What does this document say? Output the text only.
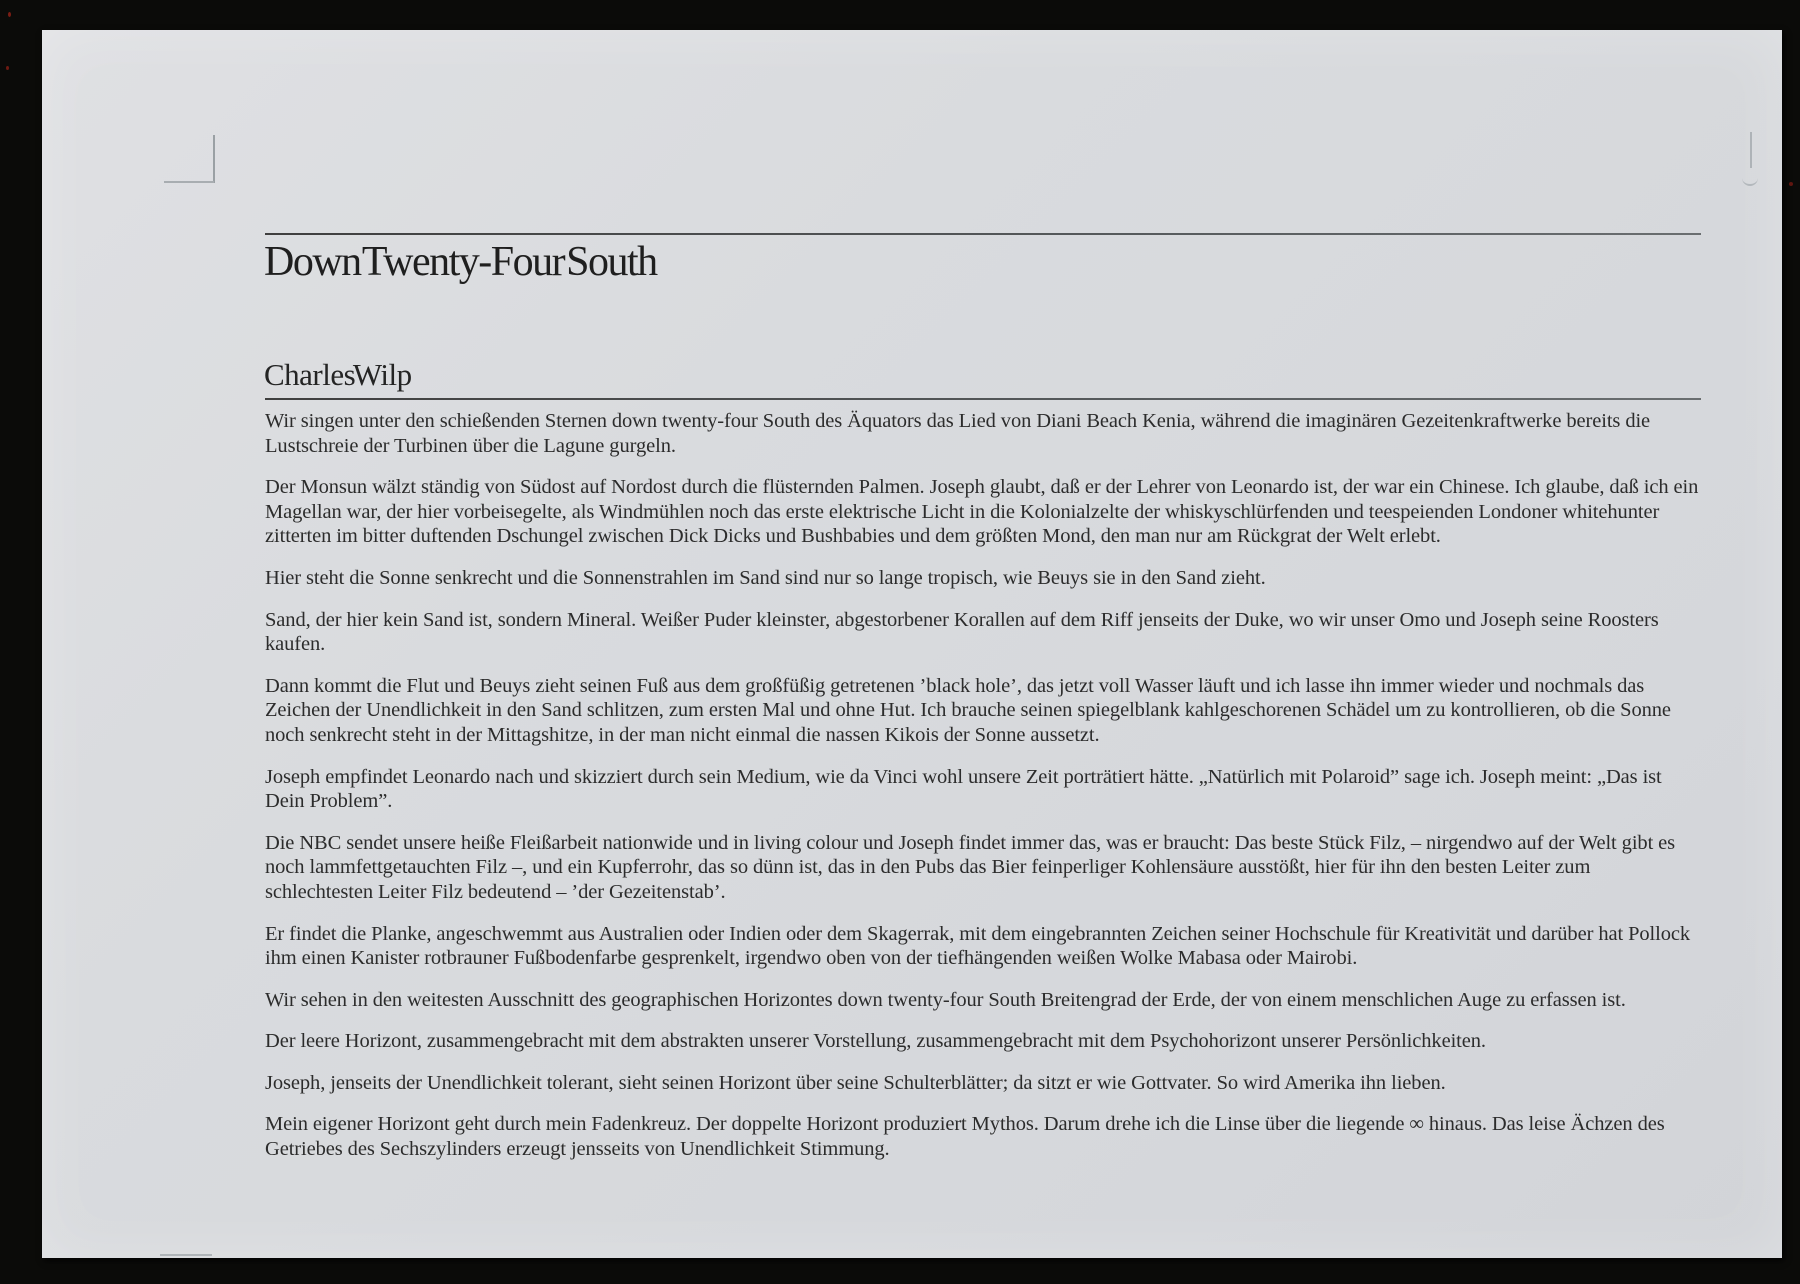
Down Twenty-Four South
Charles Wilp

Wir singen unter den schießenden Sternen down twenty-four South des Äquators das Lied von Diani Beach Kenia, während die imaginären Gezeitenkraftwerke bereits die Lustschreie der Turbinen über die Lagune gurgeln.

Der Monsun wälzt ständig von Südost auf Nordost durch die flüsternden Palmen. Joseph glaubt, daß er der Lehrer von Leonardo ist, der war ein Chinese. Ich glaube, daß ich ein Magellan war, der hier vorbeisegelte, als Windmühlen noch das erste elektrische Licht in die Kolonialzelte der whiskyschlürfenden und teespeienden Londoner whitehunter zitterten im bitter duftenden Dschungel zwischen Dick Dicks und Bushbabies und dem größten Mond, den man nur am Rückgrat der Welt erlebt.

Hier steht die Sonne senkrecht und die Sonnenstrahlen im Sand sind nur so lange tropisch, wie Beuys sie in den Sand zieht.

Sand, der hier kein Sand ist, sondern Mineral. Weißer Puder kleinster, abgestorbener Korallen auf dem Riff jenseits der Duke, wo wir unser Omo und Joseph seine Roosters kaufen.

Dann kommt die Flut und Beuys zieht seinen Fuß aus dem großfüßig getretenen ’black hole’, das jetzt voll Wasser läuft und ich lasse ihn immer wieder und nochmals das Zeichen der Unendlichkeit in den Sand schlitzen, zum ersten Mal und ohne Hut. Ich brauche seinen spiegelblank kahlgeschorenen Schädel um zu kontrollieren, ob die Sonne noch senkrecht steht in der Mittagshitze, in der man nicht einmal die nassen Kikois der Sonne aussetzt.

Joseph empfindet Leonardo nach und skizziert durch sein Medium, wie da Vinci wohl unsere Zeit porträtiert hätte. „Natürlich mit Polaroid” sage ich. Joseph meint: „Das ist Dein Problem”.

Die NBC sendet unsere heiße Fleißarbeit nationwide und in living colour und Joseph findet immer das, was er braucht: Das beste Stück Filz, – nirgendwo auf der Welt gibt es noch lammfettgetauchten Filz –, und ein Kupferrohr, das so dünn ist, das in den Pubs das Bier feinperliger Kohlensäure ausstößt, hier für ihn den besten Leiter zum schlechtesten Leiter Filz bedeutend – ’der Gezeitenstab’.

Er findet die Planke, angeschwemmt aus Australien oder Indien oder dem Skagerrak, mit dem eingebrannten Zeichen seiner Hochschule für Kreativität und darüber hat Pollock ihm einen Kanister rotbrauner Fußbodenfarbe gesprenkelt, irgendwo oben von der tiefhängenden weißen Wolke Mabasa oder Mairobi.

Wir sehen in den weitesten Ausschnitt des geographischen Horizontes down twenty-four South Breitengrad der Erde, der von einem menschlichen Auge zu erfassen ist.

Der leere Horizont, zusammengebracht mit dem abstrakten unserer Vorstellung, zusammengebracht mit dem Psychohorizont unserer Persönlichkeiten.

Joseph, jenseits der Unendlichkeit tolerant, sieht seinen Horizont über seine Schulterblätter; da sitzt er wie Gottvater. So wird Amerika ihn lieben.

Mein eigener Horizont geht durch mein Fadenkreuz. Der doppelte Horizont produziert Mythos. Darum drehe ich die Linse über die liegende ∞ hinaus. Das leise Ächzen des Getriebes des Sechszylinders erzeugt jensseits von Unendlichkeit Stimmung.
